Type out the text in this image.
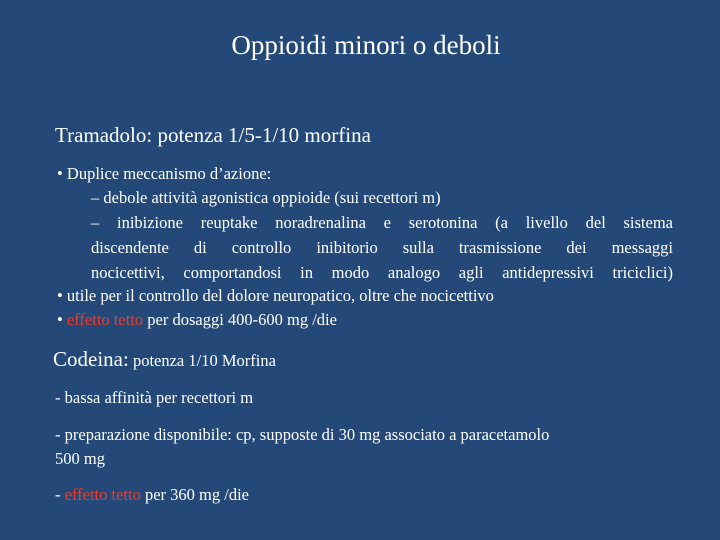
Oppioidi minori o deboli
Tramadolo: potenza 1/5-1/10 morfina
• Duplice meccanismo d’azione:
– debole attività agonistica oppioide (sui recettori m)
– inibizione reuptake noradrenalina e serotonina (a livello del sistema
discendente di controllo inibitorio sulla trasmissione dei messaggi
nocicettivi, comportandosi in modo analogo agli antidepressivi triciclici)
• utile per il controllo del dolore neuropatico, oltre che nocicettivo
• effetto tetto per dosaggi 400-600 mg /die
Codeina: potenza 1/10 Morfina
- bassa affinità per recettori m
- preparazione disponibile: cp, supposte di 30 mg associato a paracetamolo
500 mg
- effetto tetto per 360 mg /die
